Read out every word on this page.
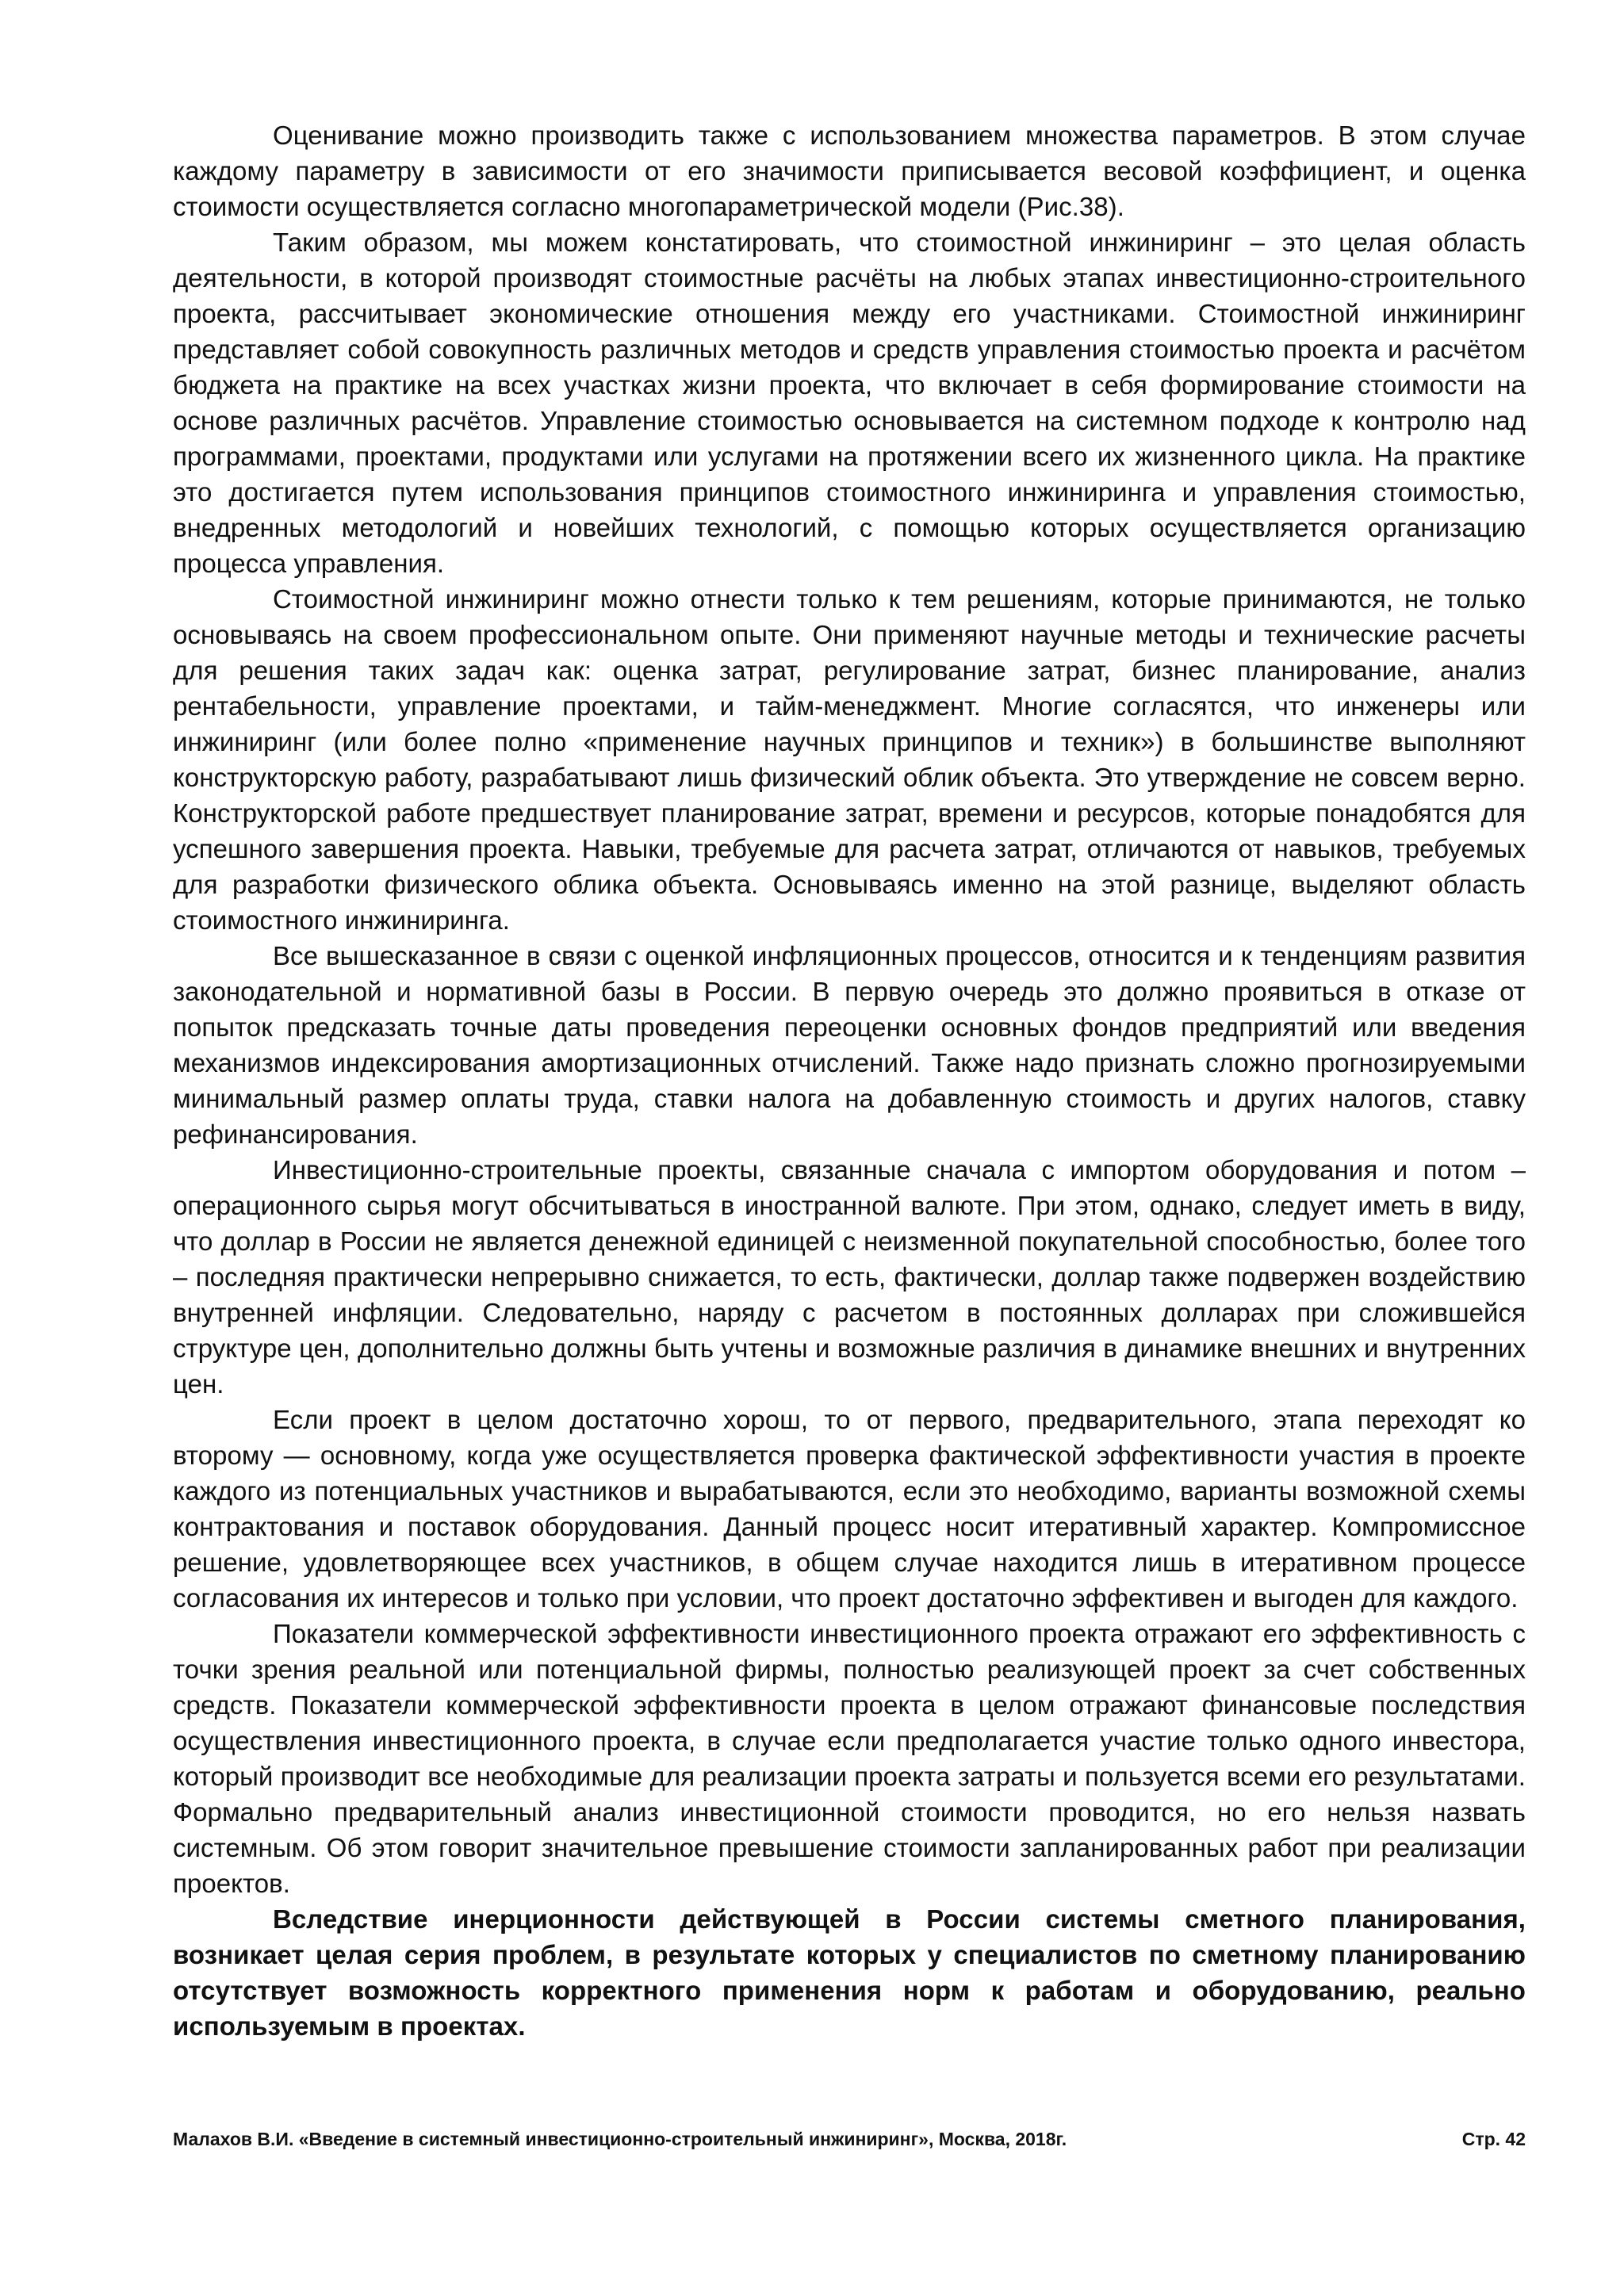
Оценивание можно производить также с использованием множества параметров. В этом случае каждому параметру в зависимости от его значимости приписывается весовой коэффициент, и оценка стоимости осуществляется согласно многопараметрической модели (Рис.38).

Таким образом, мы можем констатировать, что стоимостной инжиниринг – это целая область деятельности, в которой производят стоимостные расчёты на любых этапах инвестиционно-строительного проекта, рассчитывает экономические отношения между его участниками. Стоимостной инжиниринг представляет собой совокупность различных методов и средств управления стоимостью проекта и расчётом бюджета на практике на всех участках жизни проекта, что включает в себя формирование стоимости на основе различных расчётов. Управление стоимостью основывается на системном подходе к контролю над программами, проектами, продуктами или услугами на протяжении всего их жизненного цикла. На практике это достигается путем использования принципов стоимостного инжиниринга и управления стоимостью, внедренных методологий и новейших технологий, с помощью которых осуществляется организацию процесса управления.

Стоимостной инжиниринг можно отнести только к тем решениям, которые принимаются, не только основываясь на своем профессиональном опыте. Они применяют научные методы и технические расчеты для решения таких задач как: оценка затрат, регулирование затрат, бизнес планирование, анализ рентабельности, управление проектами, и тайм-менеджмент. Многие согласятся, что инженеры или инжиниринг (или более полно «применение научных принципов и техник») в большинстве выполняют конструкторскую работу, разрабатывают лишь физический облик объекта. Это утверждение не совсем верно. Конструкторской работе предшествует планирование затрат, времени и ресурсов, которые понадобятся для успешного завершения проекта. Навыки, требуемые для расчета затрат, отличаются от навыков, требуемых для разработки физического облика объекта. Основываясь именно на этой разнице, выделяют область стоимостного инжиниринга.

Все вышесказанное в связи с оценкой инфляционных процессов, относится и к тенденциям развития законодательной и нормативной базы в России. В первую очередь это должно проявиться в отказе от попыток предсказать точные даты проведения переоценки основных фондов предприятий или введения механизмов индексирования амортизационных отчислений. Также надо признать сложно прогнозируемыми минимальный размер оплаты труда, ставки налога на добавленную стоимость и других налогов, ставку рефинансирования.

Инвестиционно-строительные проекты, связанные сначала с импортом оборудования и потом – операционного сырья могут обсчитываться в иностранной валюте. При этом, однако, следует иметь в виду, что доллар в России не является денежной единицей с неизменной покупательной способностью, более того – последняя практически непрерывно снижается, то есть, фактически, доллар также подвержен воздействию внутренней инфляции. Следовательно, наряду с расчетом в постоянных долларах при сложившейся структуре цен, дополнительно должны быть учтены и возможные различия в динамике внешних и внутренних цен.

Если проект в целом достаточно хорош, то от первого, предварительного, этапа переходят ко второму — основному, когда уже осуществляется проверка фактической эффективности участия в проекте каждого из потенциальных участников и вырабатываются, если это необходимо, варианты возможной схемы контрактования и поставок оборудования. Данный процесс носит итеративный характер. Компромиссное решение, удовлетворяющее всех участников, в общем случае находится лишь в итеративном процессе согласования их интересов и только при условии, что проект достаточно эффективен и выгоден для каждого.

Показатели коммерческой эффективности инвестиционного проекта отражают его эффективность с точки зрения реальной или потенциальной фирмы, полностью реализующей проект за счет собственных средств. Показатели коммерческой эффективности проекта в целом отражают финансовые последствия осуществления инвестиционного проекта, в случае если предполагается участие только одного инвестора, который производит все необходимые для реализации проекта затраты и пользуется всеми его результатами. Формально предварительный анализ инвестиционной стоимости проводится, но его нельзя назвать системным. Об этом говорит значительное превышение стоимости запланированных работ при реализации проектов.

Вследствие инерционности действующей в России системы сметного планирования, возникает целая серия проблем, в результате которых у специалистов по сметному планированию отсутствует возможность корректного применения норм к работам и оборудованию, реально используемым в проектах.

Малахов В.И. «Введение в системный инвестиционно-строительный инжиниринг», Москва, 2018г.	Стр. 42
